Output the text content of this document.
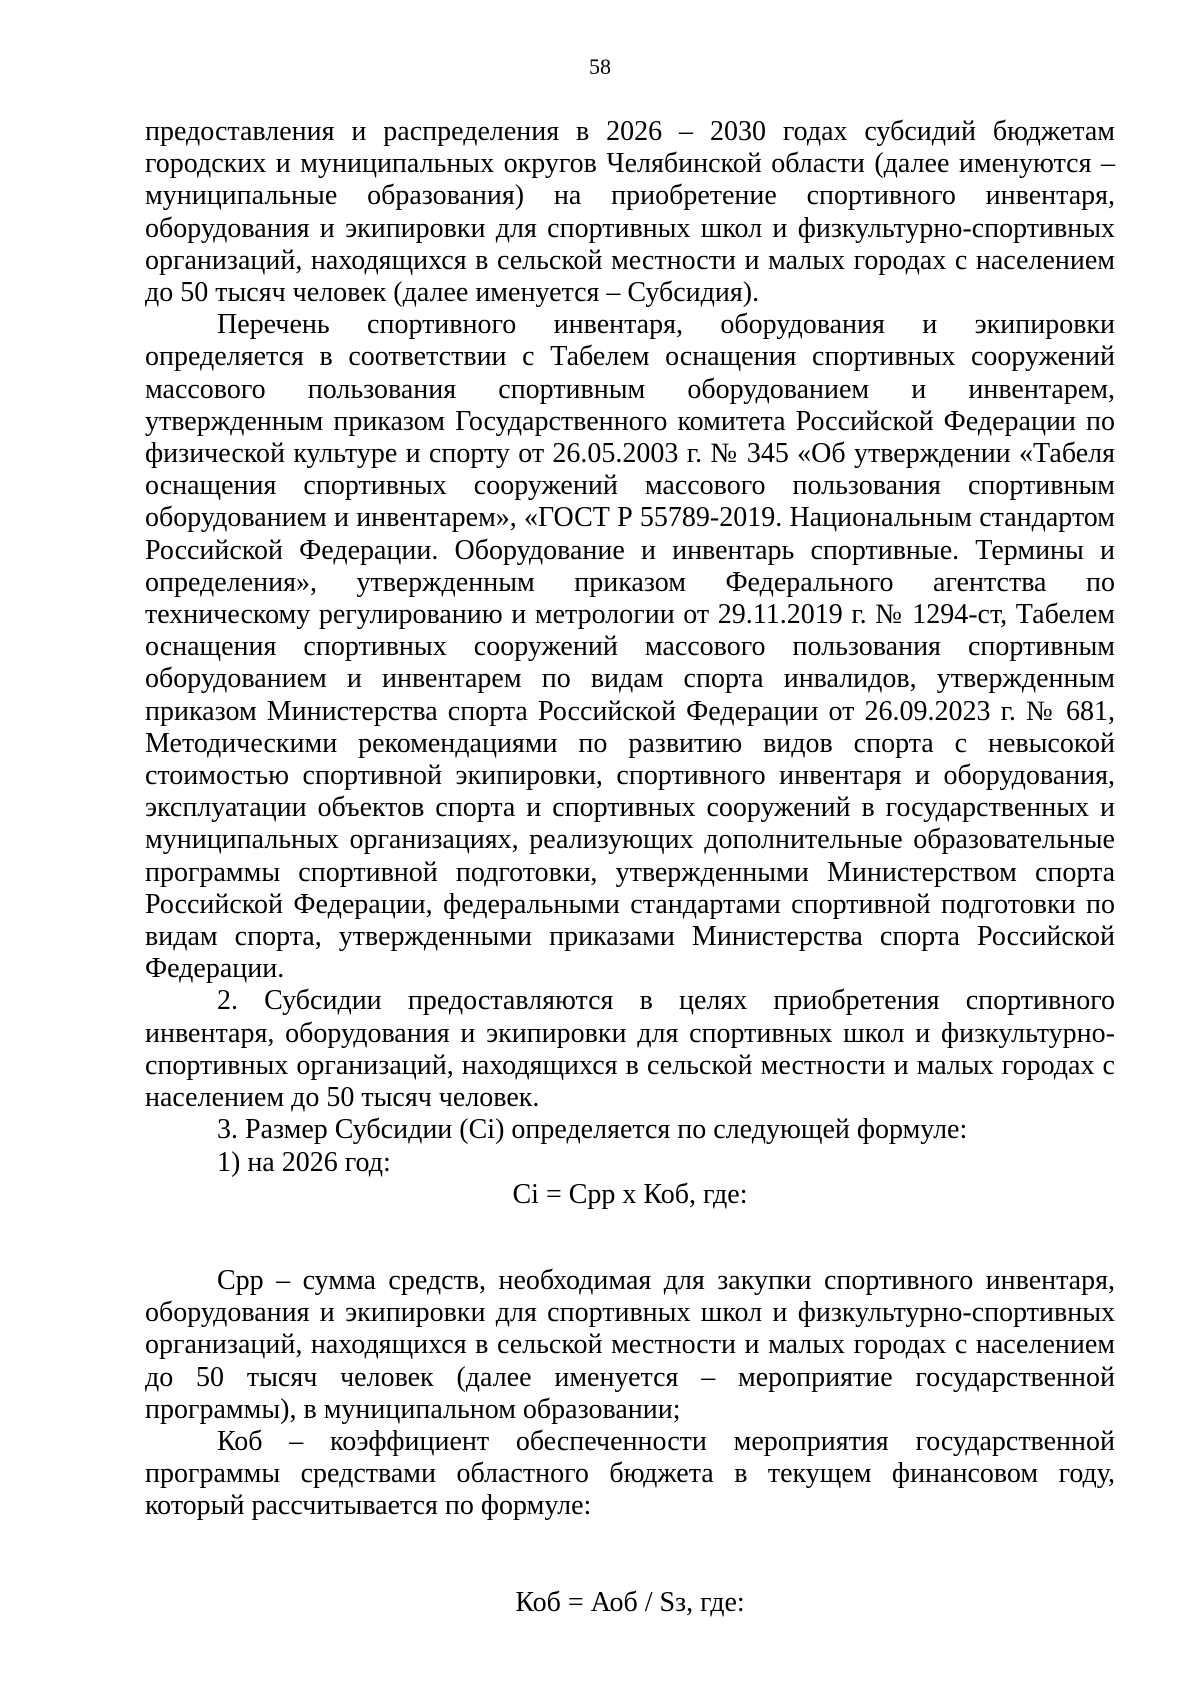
58

предоставления и распределения в 2026 – 2030 годах субсидий бюджетам городских и муниципальных округов Челябинской области (далее именуются – муниципальные образования) на приобретение спортивного инвентаря, оборудования и экипировки для спортивных школ и физкультурно-спортивных организаций, находящихся в сельской местности и малых городах с населением до 50 тысяч человек (далее именуется – Субсидия).

Перечень спортивного инвентаря, оборудования и экипировки определяется в соответствии с Табелем оснащения спортивных сооружений массового пользования спортивным оборудованием и инвентарем, утвержденным приказом Государственного комитета Российской Федерации по физической культуре и спорту от 26.05.2003 г. № 345 «Об утверждении «Табеля оснащения спортивных сооружений массового пользования спортивным оборудованием и инвентарем», «ГОСТ Р 55789-2019. Национальным стандартом Российской Федерации. Оборудование и инвентарь спортивные. Термины и определения», утвержденным приказом Федерального агентства по техническому регулированию и метрологии от 29.11.2019 г. № 1294-ст, Табелем оснащения спортивных сооружений массового пользования спортивным оборудованием и инвентарем по видам спорта инвалидов, утвержденным приказом Министерства спорта Российской Федерации от 26.09.2023 г. № 681, Методическими рекомендациями по развитию видов спорта с невысокой стоимостью спортивной экипировки, спортивного инвентаря и оборудования, эксплуатации объектов спорта и спортивных сооружений в государственных и муниципальных организациях, реализующих дополнительные образовательные программы спортивной подготовки, утвержденными Министерством спорта Российской Федерации, федеральными стандартами спортивной подготовки по видам спорта, утвержденными приказами Министерства спорта Российской Федерации.

2. Субсидии предоставляются в целях приобретения спортивного инвентаря, оборудования и экипировки для спортивных школ и физкультурно-спортивных организаций, находящихся в сельской местности и малых городах с населением до 50 тысяч человек.

3. Размер Субсидии (Ci) определяется по следующей формуле:

1) на 2026 год:

Ci = Cрр x Коб, где:

Cрр – сумма средств, необходимая для закупки спортивного инвентаря, оборудования и экипировки для спортивных школ и физкультурно-спортивных организаций, находящихся в сельской местности и малых городах с населением до 50 тысяч человек (далее именуется – мероприятие государственной программы), в муниципальном образовании;

Коб – коэффициент обеспеченности мероприятия государственной программы средствами областного бюджета в текущем финансовом году, который рассчитывается по формуле:

Коб = Аоб / Sз, где:
